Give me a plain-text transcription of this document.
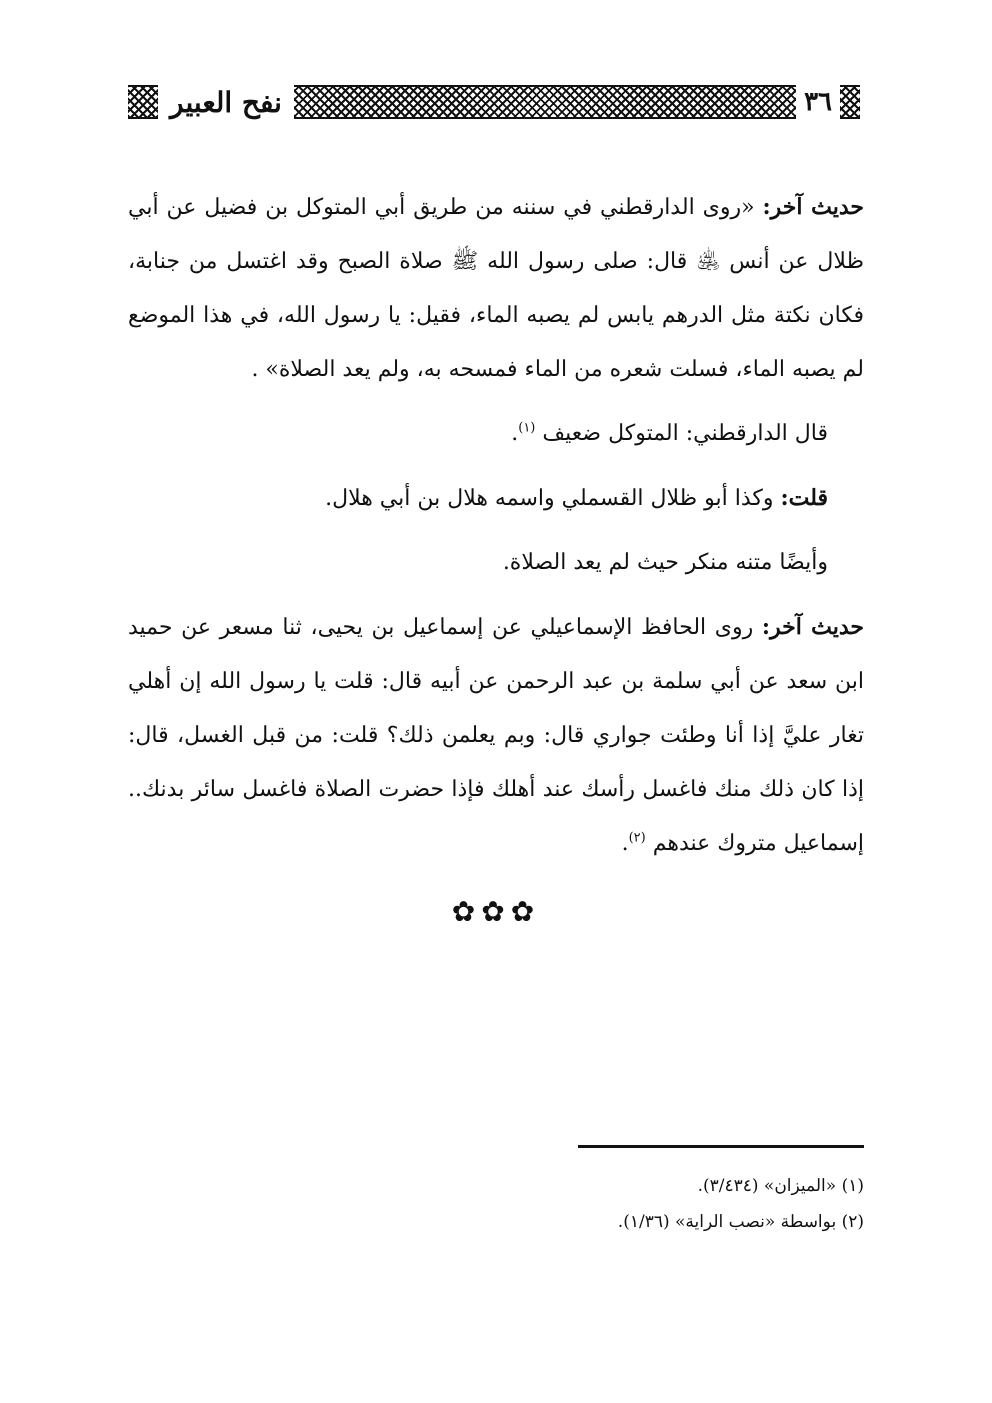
٣٦
نفح العبير

حديث آخر: «روى الدارقطني في سننه من طريق أبي المتوكل بن فضيل عن أبي ظلال عن أنس ﵁ قال: صلى رسول الله ﷺ صلاة الصبح وقد اغتسل من جنابة، فكان نكتة مثل الدرهم يابس لم يصبه الماء، فقيل: يا رسول الله، في هذا الموضع لم يصبه الماء، فسلت شعره من الماء فمسحه به، ولم يعد الصلاة» .

قال الدارقطني: المتوكل ضعيف $^{(١)}$.

قلت: وكذا أبو ظلال القسملي واسمه هلال بن أبي هلال.

وأيضًا متنه منكر حيث لم يعد الصلاة.

حديث آخر: روى الحافظ الإسماعيلي عن إسماعيل بن يحيى، ثنا مسعر عن حميد ابن سعد عن أبي سلمة بن عبد الرحمن عن أبيه قال: قلت يا رسول الله إن أهلي تغار عليَّ إذا أنا وطئت جواري قال: وبم يعلمن ذلك؟ قلت: من قبل الغسل، قال: إذا كان ذلك منك فاغسل رأسك عند أهلك فإذا حضرت الصلاة فاغسل سائر بدنك.. إسماعيل متروك عندهم $^{(٢)}$.

✿✿✿

(١) «الميزان» (٣/٤٣٤).

(٢) بواسطة «نصب الراية» (١/٣٦).
